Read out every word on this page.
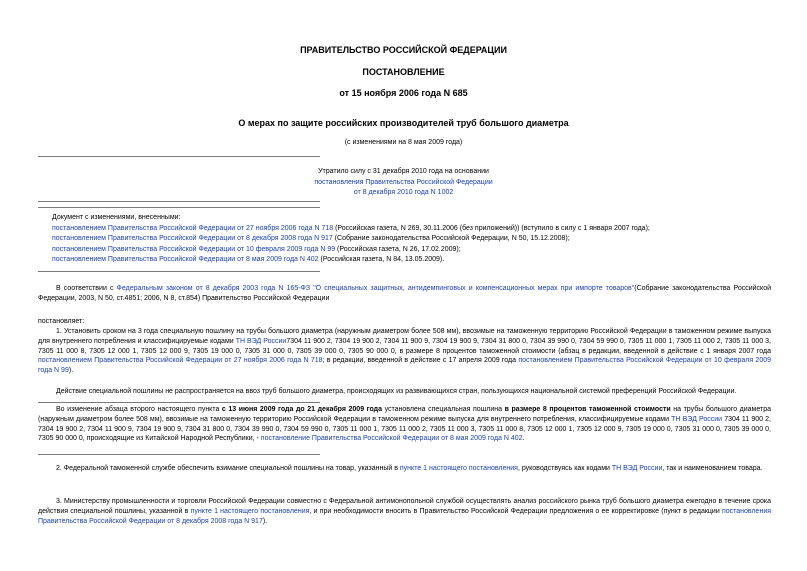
ПРАВИТЕЛЬСТВО РОССИЙСКОЙ ФЕДЕРАЦИИ
ПОСТАНОВЛЕНИЕ
от 15 ноября 2006 года N 685
О мерах по защите российских производителей труб большого диаметра
(с изменениями на 8 мая 2009 года)
Утратило силу с 31 декабря 2010 года на основании
постановления Правительства Российской Федерации
от 8 декабря 2010 года N 1002
Документ с изменениями, внесенными:
постановлением Правительства Российской Федерации от 27 ноября 2006 года N 718 (Российская газета, N 269, 30.11.2006 (без приложений)) (вступило в силу с 1 января 2007 года);
постановлением Правительства Российской Федерации от 8 декабря 2008 года N 917 (Собрание законодательства Российской Федерации, N 50, 15.12.2008);
постановлением Правительства Российской Федерации от 10 февраля 2009 года N 99 (Российская газета, N 26, 17.02.2009);
постановлением Правительства Российской Федерации от 8 мая 2009 года N 402 (Российская газета, N 84, 13.05.2009).
В соответствии с Федеральным законом от 8 декабря 2003 года N 165-ФЗ "О специальных защитных, антидемпинговых и компенсационных мерах при импорте товаров"(Собрание законодательства Российской Федерации, 2003, N 50, ст.4851; 2006, N 8, ст.854) Правительство Российской Федерации
постановляет:
1. Установить сроком на 3 года специальную пошлину на трубы большого диаметра (наружным диаметром более 508 мм), ввозимые на таможенную территорию Российской Федерации в таможенном режиме выпуска для внутреннего потребления и классифицируемые кодами ТН ВЭД России7304 11 900 2, 7304 19 900 2, 7304 11 900 9, 7304 19 900 9, 7304 31 800 0, 7304 39 990 0, 7304 59 990 0, 7305 11 000 1, 7305 11 000 2, 7305 11 000 3, 7305 11 000 8, 7305 12 000 1, 7305 12 000 9, 7305 19 000 0, 7305 31 000 0, 7305 39 000 0, 7305 90 000 0, в размере 8 процентов таможенной стоимости (абзац в редакции, введенной в действие с 1 января 2007 года постановлением Правительства Российской Федерации от 27 ноября 2006 года N 718; в редакции, введенной в действие с 17 апреля 2009 года постановлением Правительства Российской Федерации от 10 февраля 2009 года N 99).
Действие специальной пошлины не распространяется на ввоз труб большого диаметра, происходящих из развивающихся стран, пользующихся национальной системой преференций Российской Федерации.
Во изменение абзаца второго настоящего пункта с 13 июня 2009 года до 21 декабря 2009 года установлена специальная пошлина в размере 8 процентов таможенной стоимости на трубы большого диаметра (наружным диаметром более 508 мм), ввозимые на таможенную территорию Российской Федерации в таможенном режиме выпуска для внутреннего потребления, классифицируемые кодами ТН ВЭД России 7304 11 900 2, 7304 19 900 2, 7304 11 900 9, 7304 19 900 9, 7304 31 800 0, 7304 39 990 0, 7304 59 990 0, 7305 11 000 1, 7305 11 000 2, 7305 11 000 3, 7305 11 000 8, 7305 12 000 1, 7305 12 000 9, 7305 19 000 0, 7305 31 000 0, 7305 39 000 0, 7305 90 000 0, происходящие из Китайской Народной Республики, - постановление Правительства Российской Федерации от 8 мая 2009 года N 402.
2. Федеральной таможенной службе обеспечить взимание специальной пошлины на товар, указанный в пункте 1 настоящего постановления, руководствуясь как кодами ТН ВЭД России, так и наименованием товара.
3. Министерству промышленности и торговли Российской Федерации совместно с Федеральной антимонопольной службой осуществлять анализ российского рынка труб большого диаметра ежегодно в течение срока действия специальной пошлины, указанной в пункте 1 настоящего постановления, и при необходимости вносить в Правительство Российской Федерации предложения о ее корректировке (пункт в редакции постановления Правительства Российской Федерации от 8 декабря 2008 года N 917).
